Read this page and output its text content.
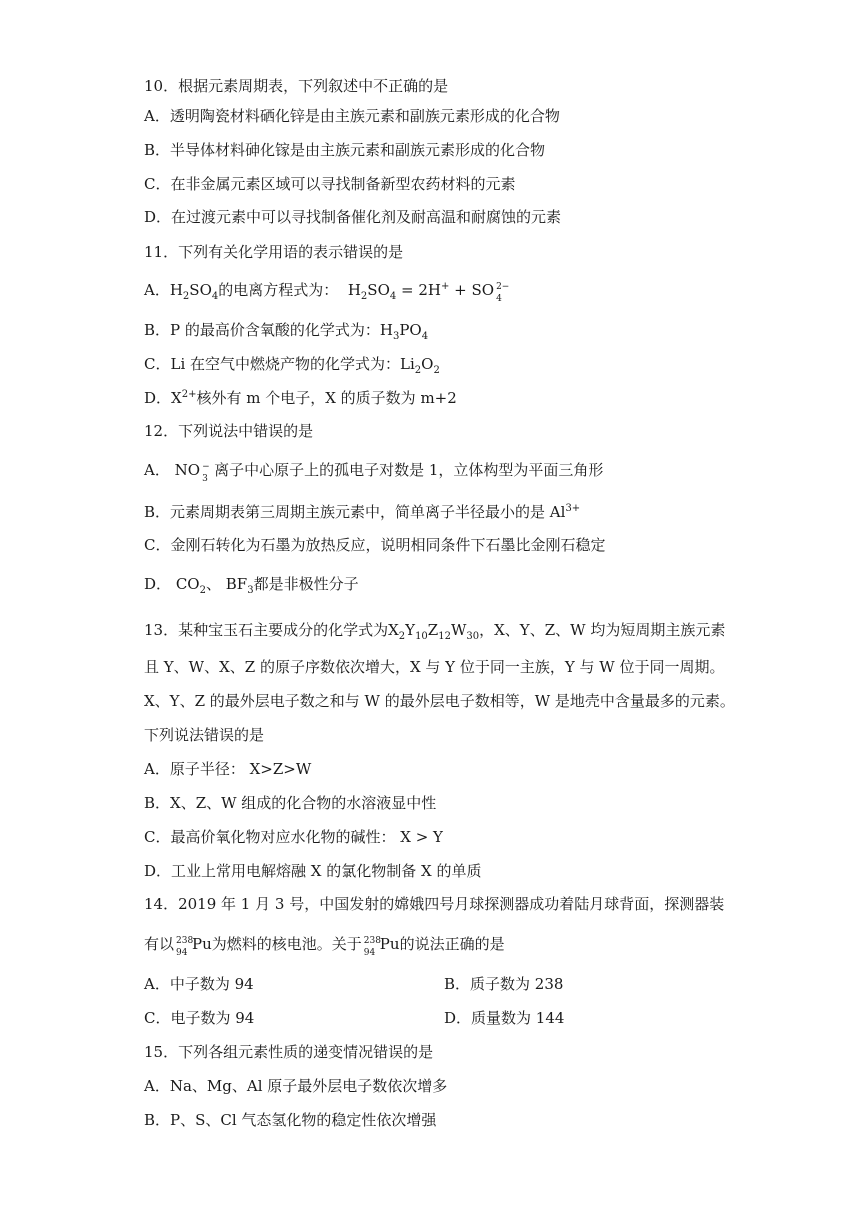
10．根据元素周期表，下列叙述中不正确的是
A．透明陶瓷材料硒化锌是由主族元素和副族元素形成的化合物
B．半导体材料砷化镓是由主族元素和副族元素形成的化合物
C．在非金属元素区域可以寻找制备新型农药材料的元素
D．在过渡元素中可以寻找制备催化剂及耐高温和耐腐蚀的元素
11．下列有关化学用语的表示错误的是
A．$H_2SO_4$的电离方程式为： $H_2SO_4 = 2H^+$ + SO 2−
4
B．P 的最高价含氧酸的化学式为：$H_3PO_4$
C．Li 在空气中燃烧产物的化学式为：$Li_2O_2$
D．$X^{2+}$核外有 m 个电子，X 的质子数为 m+2
12．下列说法中错误的是
A． NO −
3 离子中心原子上的孤电子对数是 1，立体构型为平面三角形
B．元素周期表第三周期主族元素中，简单离子半径最小的是 $Al^{3+}$
C．金刚石转化为石墨为放热反应，说明相同条件下石墨比金刚石稳定
D． $CO_2$、 $BF_3$都是非极性分子
13．某种宝玉石主要成分的化学式为$X_2Y_{10}Z_{12}W_{30}$，X、Y、Z、W 均为短周期主族元素
且 Y、W、X、Z 的原子序数依次增大，X 与 Y 位于同一主族，Y 与 W 位于同一周期。
X、Y、Z 的最外层电子数之和与 W 的最外层电子数相等，W 是地壳中含量最多的元素。
下列说法错误的是
A．原子半径： X>Z>W
B．X、Z、W 组成的化合物的水溶液显中性
C．最高价氧化物对应水化物的碱性： X > Y
D．工业上常用电解熔融 X 的氯化物制备 X 的单质
14．2019 年 1 月 3 号，中国发射的嫦娥四号月球探测器成功着陆月球背面，探测器装
有以 238
94 Pu为燃料的核电池。关于 238
94 Pu的说法正确的是
A．中子数为 94	B．质子数为 238
C．电子数为 94	D．质量数为 144
15．下列各组元素性质的递变情况错误的是
A．Na、Mg、Al 原子最外层电子数依次增多
B．P、S、Cl 气态氢化物的稳定性依次增强
